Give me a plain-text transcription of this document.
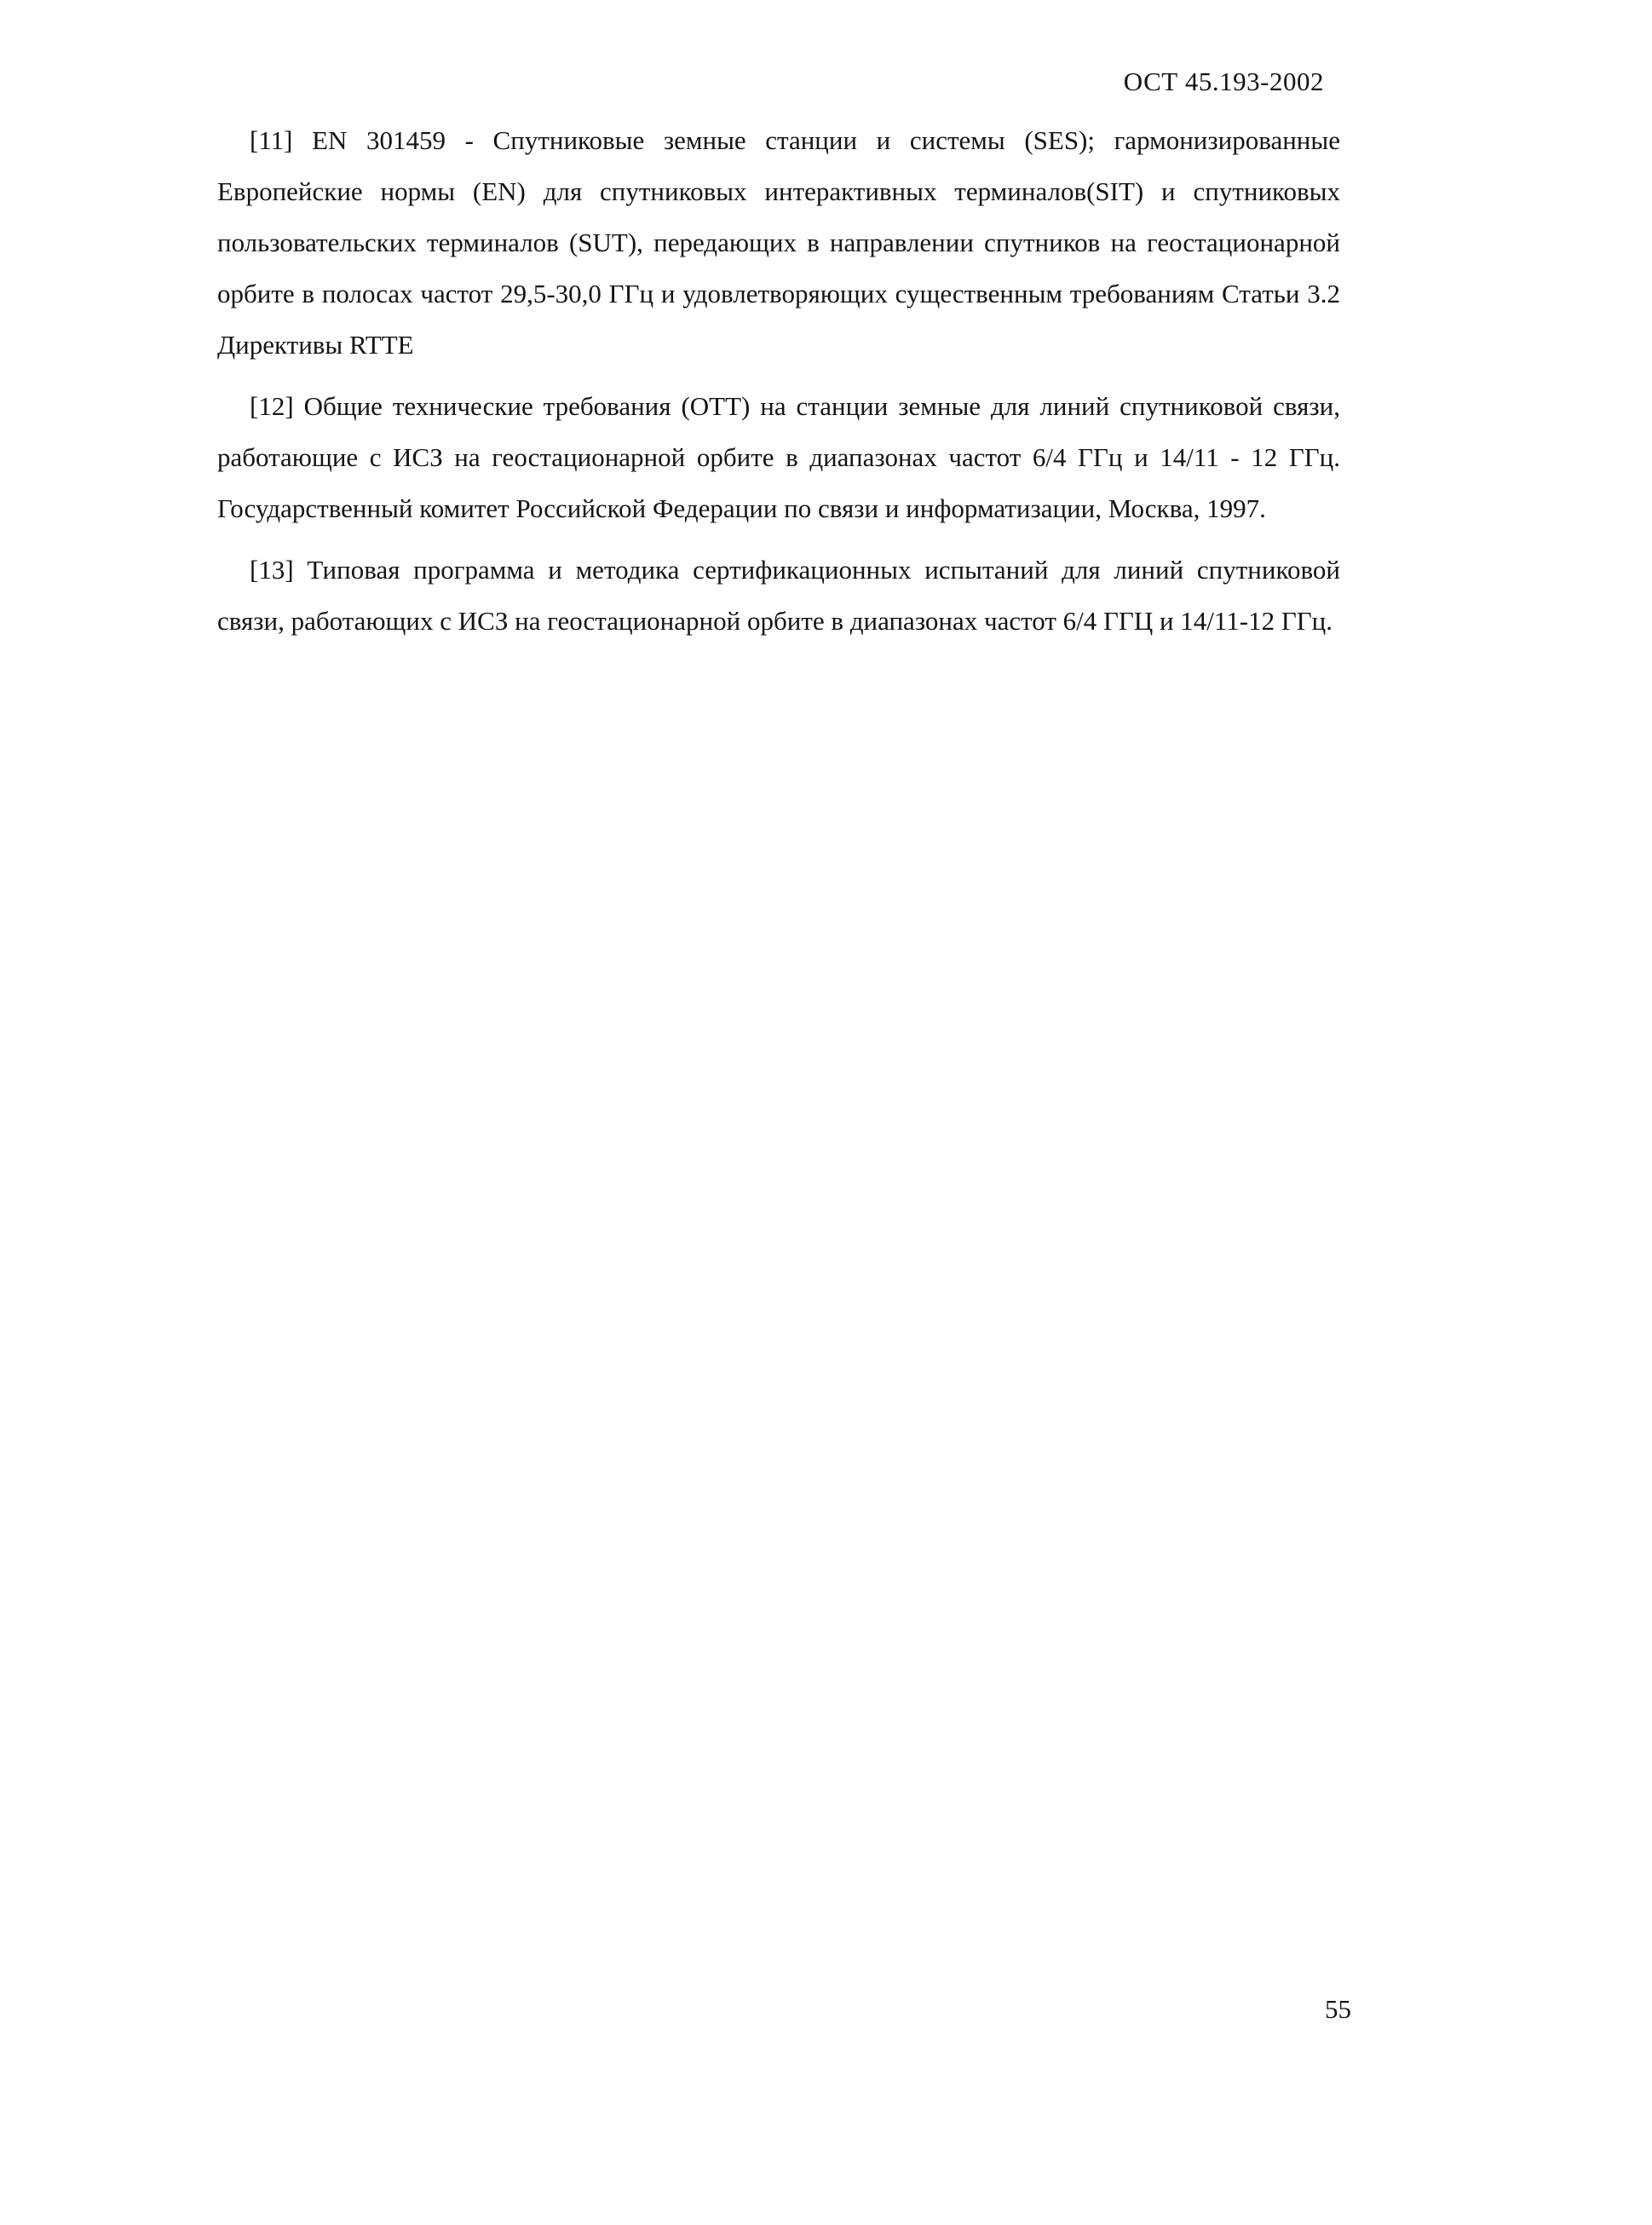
ОСТ 45.193-2002

[11] EN 301459 - Спутниковые земные станции и системы (SES); гармонизированные Европейские нормы (EN) для спутниковых интерактивных терминалов(SIT) и спутниковых пользовательских терминалов (SUT), передающих в направлении спутников на геостационарной орбите в полосах частот 29,5-30,0 ГГц и удовлетворяющих существенным требованиям Статьи 3.2 Директивы RTTE

[12] Общие технические требования (ОТТ) на станции земные для линий спутниковой связи, работающие с ИСЗ на геостационарной орбите в диапазонах частот 6/4 ГГц и 14/11 - 12 ГГц. Государственный комитет Российской Федерации по связи и информатизации, Москва, 1997.

[13] Типовая программа и методика сертификационных испытаний для линий спутниковой связи, работающих с ИСЗ на геостационарной орбите в диапазонах частот 6/4 ГГЦ и 14/11-12 ГГц.

55
